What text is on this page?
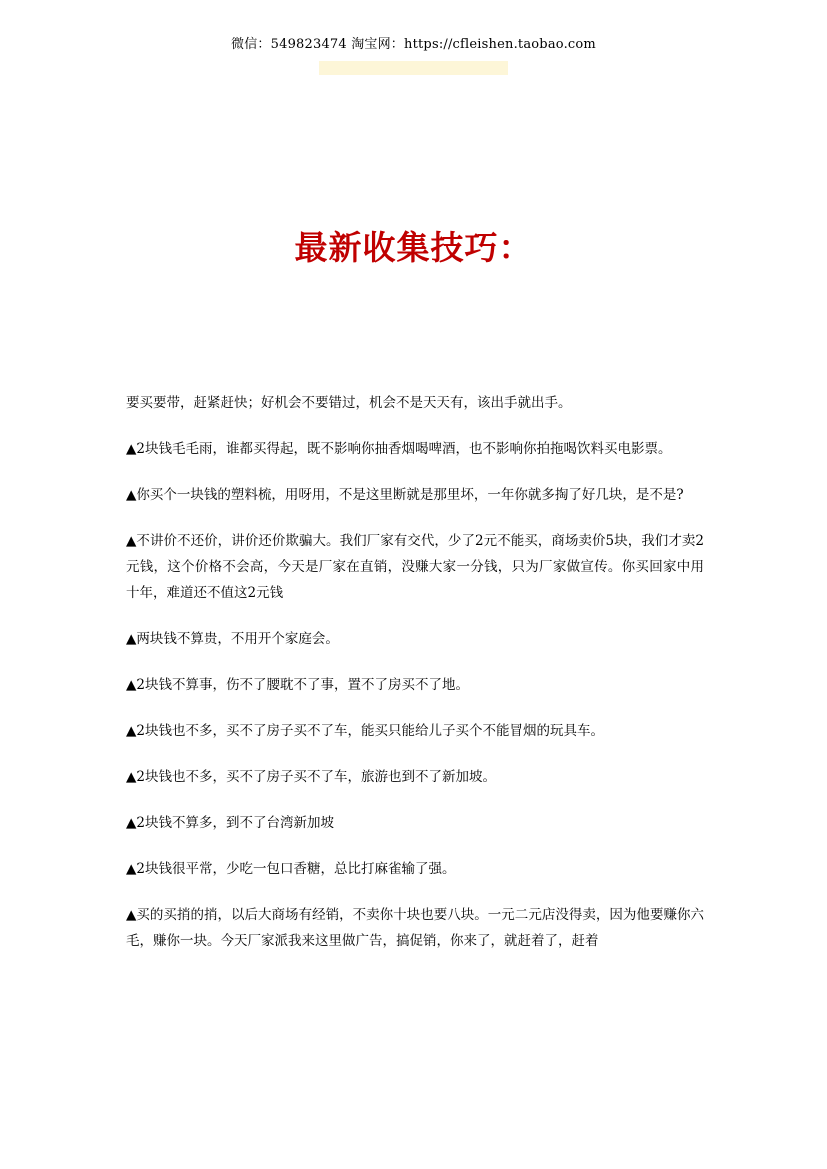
微信：549823474 淘宝网：https://cfleishen.taobao.com
最新收集技巧：

要买要带，赶紧赶快；好机会不要错过，机会不是天天有，该出手就出手。

▲2块钱毛毛雨，谁都买得起，既不影响你抽香烟喝啤酒，也不影响你拍拖喝饮料买电影票。

▲你买个一块钱的塑料梳，用呀用，不是这里断就是那里坏，一年你就多掏了好几块，是不是?

▲不讲价不还价，讲价还价欺骗大。我们厂家有交代，少了2元不能买，商场卖价5块，我们才卖2元钱，这个价格不会高，今天是厂家在直销，没赚大家一分钱，只为厂家做宣传。你买回家中用十年，难道还不值这2元钱

▲两块钱不算贵，不用开个家庭会。

▲2块钱不算事，伤不了腰耽不了事，置不了房买不了地。

▲2块钱也不多，买不了房子买不了车，能买只能给儿子买个不能冒烟的玩具车。

▲2块钱也不多，买不了房子买不了车，旅游也到不了新加坡。

▲2块钱不算多，到不了台湾新加坡

▲2块钱很平常，少吃一包口香糖，总比打麻雀输了强。

▲买的买捎的捎，以后大商场有经销，不卖你十块也要八块。一元二元店没得卖，因为他要赚你六毛，赚你一块。今天厂家派我来这里做广告，搞促销，你来了，就赶着了，赶着
